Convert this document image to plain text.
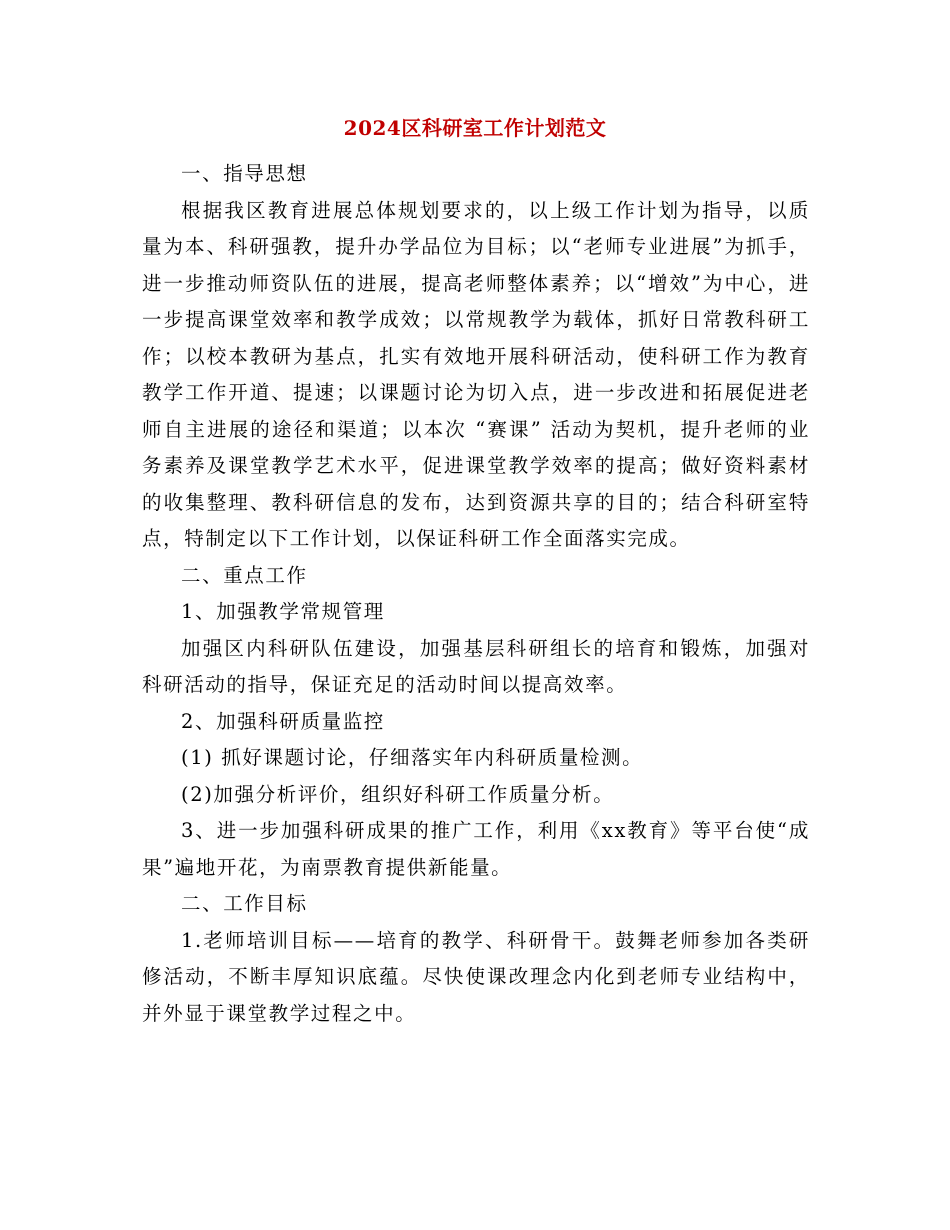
2024区科研室工作计划范文

一、指导思想

根据我区教育进展总体规划要求的，以上级工作计划为指导，以质量为本、科研强教，提升办学品位为目标；以“老师专业进展”为抓手，进一步推动师资队伍的进展，提高老师整体素养；以“增效”为中心，进一步提高课堂效率和教学成效；以常规教学为载体，抓好日常教科研工作；以校本教研为基点，扎实有效地开展科研活动，使科研工作为教育教学工作开道、提速；以课题讨论为切入点，进一步改进和拓展促进老师自主进展的途径和渠道；以本次 “赛课” 活动为契机，提升老师的业务素养及课堂教学艺术水平，促进课堂教学效率的提高；做好资料素材的收集整理、教科研信息的发布，达到资源共享的目的；结合科研室特点，特制定以下工作计划，以保证科研工作全面落实完成。

二、重点工作

1、加强教学常规管理

加强区内科研队伍建设，加强基层科研组长的培育和锻炼，加强对科研活动的指导，保证充足的活动时间以提高效率。

2、加强科研质量监控

(1) 抓好课题讨论，仔细落实年内科研质量检测。

(2)加强分析评价，组织好科研工作质量分析。

3、进一步加强科研成果的推广工作，利用《xx教育》等平台使“成果”遍地开花，为南票教育提供新能量。

二、工作目标

1.老师培训目标——培育的教学、科研骨干。鼓舞老师参加各类研修活动，不断丰厚知识底蕴。尽快使课改理念内化到老师专业结构中，并外显于课堂教学过程之中。
